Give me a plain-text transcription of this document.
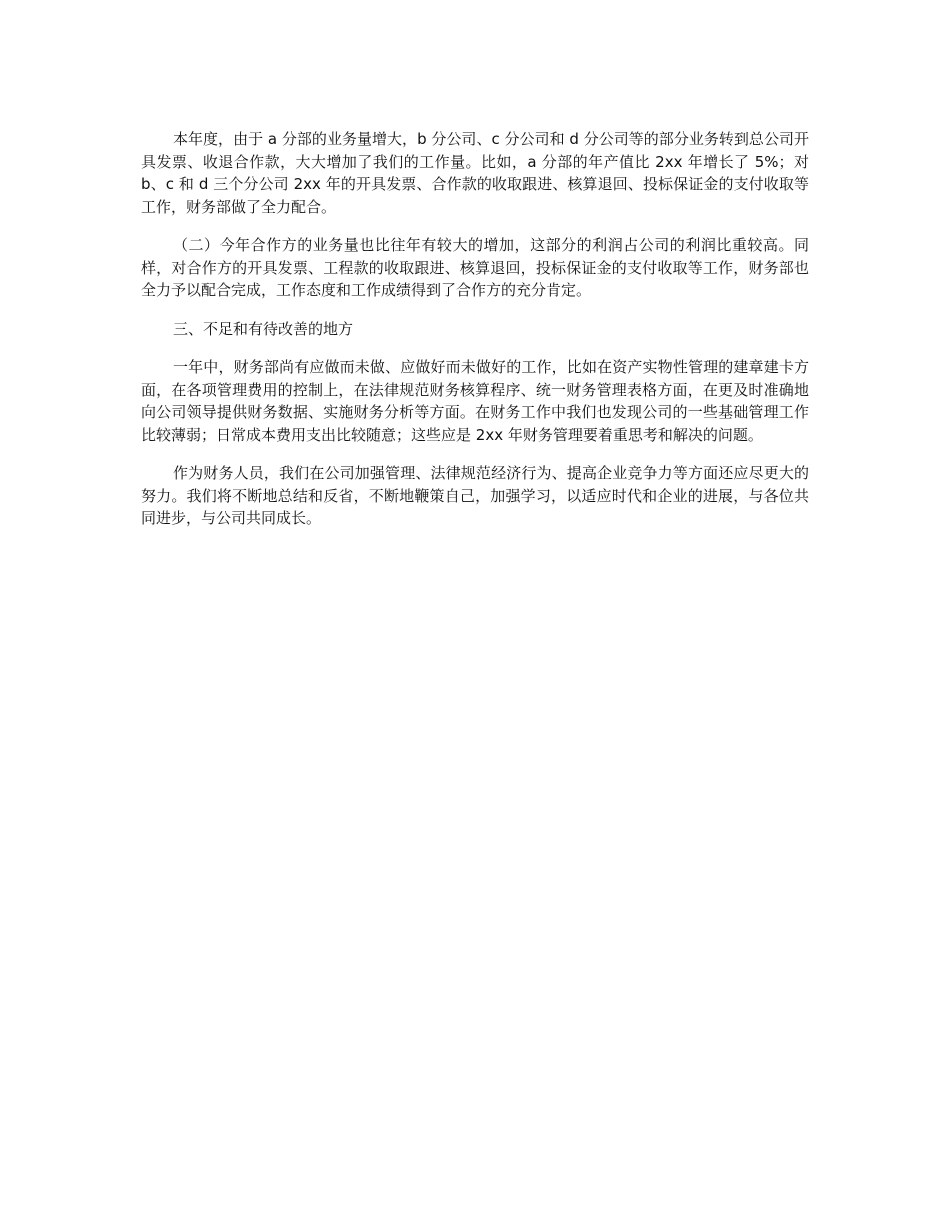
本年度，由于 a 分部的业务量增大，b 分公司、c 分公司和 d 分公司等的部分业务转到总公司开具发票、收退合作款，大大增加了我们的工作量。比如，a 分部的年产值比 2xx 年增长了 5%；对 b、c 和 d 三个分公司 2xx 年的开具发票、合作款的收取跟进、核算退回、投标保证金的支付收取等工作，财务部做了全力配合。

（二）今年合作方的业务量也比往年有较大的增加，这部分的利润占公司的利润比重较高。同样，对合作方的开具发票、工程款的收取跟进、核算退回，投标保证金的支付收取等工作，财务部也全力予以配合完成，工作态度和工作成绩得到了合作方的充分肯定。

三、不足和有待改善的地方

一年中，财务部尚有应做而未做、应做好而未做好的工作，比如在资产实物性管理的建章建卡方面，在各项管理费用的控制上，在法律规范财务核算程序、统一财务管理表格方面，在更及时准确地向公司领导提供财务数据、实施财务分析等方面。在财务工作中我们也发现公司的一些基础管理工作比较薄弱；日常成本费用支出比较随意；这些应是 2xx 年财务管理要着重思考和解决的问题。

作为财务人员，我们在公司加强管理、法律规范经济行为、提高企业竞争力等方面还应尽更大的努力。我们将不断地总结和反省，不断地鞭策自己，加强学习，以适应时代和企业的进展，与各位共同进步，与公司共同成长。
